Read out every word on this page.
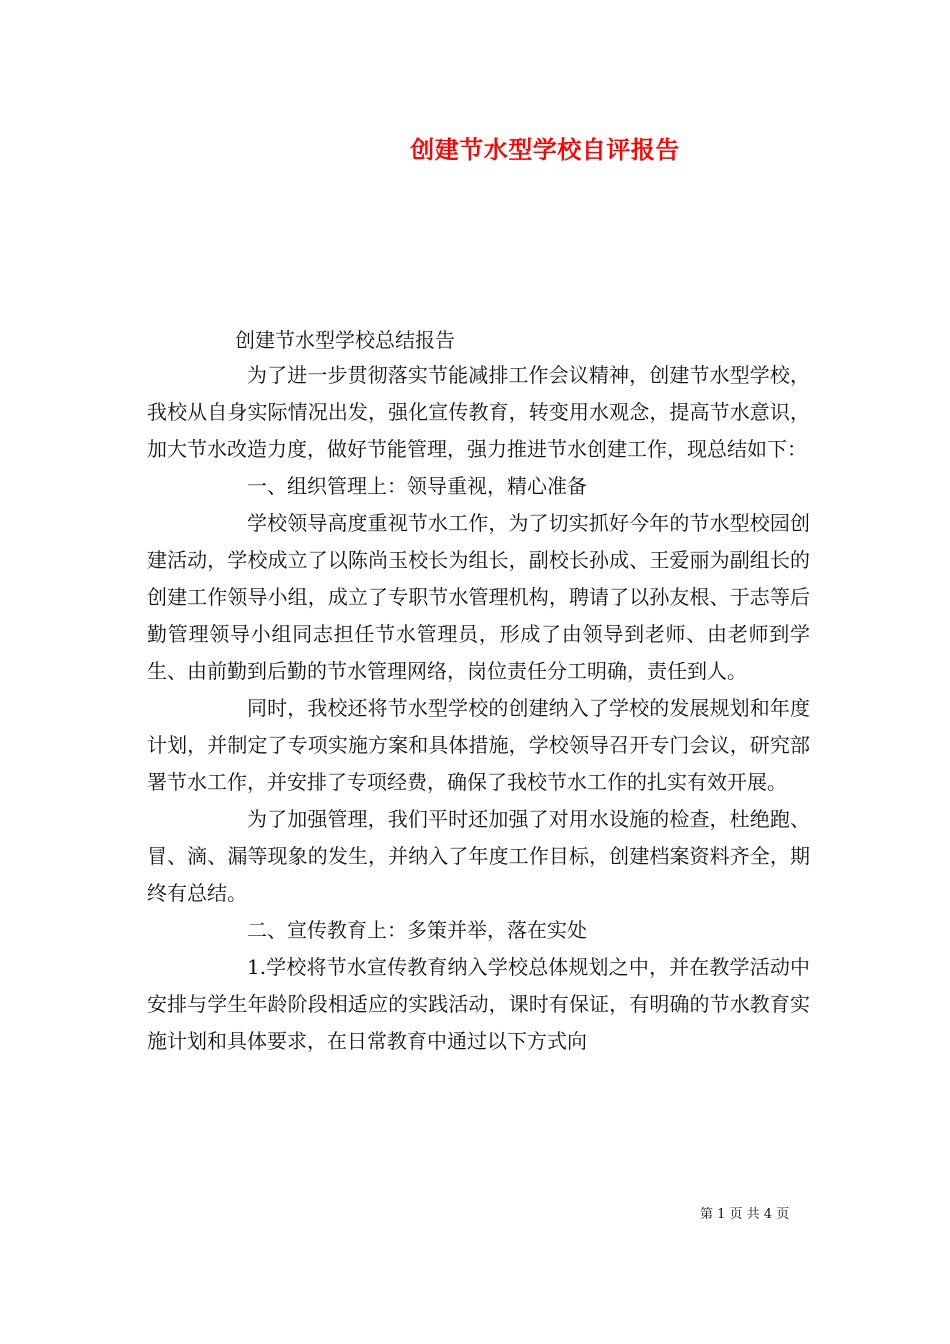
创建节水型学校自评报告

创建节水型学校总结报告

为了进一步贯彻落实节能减排工作会议精神，创建节水型学校，我校从自身实际情况出发，强化宣传教育，转变用水观念，提高节水意识，加大节水改造力度，做好节能管理，强力推进节水创建工作，现总结如下：

一、组织管理上：领导重视，精心准备

学校领导高度重视节水工作，为了切实抓好今年的节水型校园创建活动，学校成立了以陈尚玉校长为组长，副校长孙成、王爱丽为副组长的创建工作领导小组，成立了专职节水管理机构，聘请了以孙友根、于志等后勤管理领导小组同志担任节水管理员，形成了由领导到老师、由老师到学生、由前勤到后勤的节水管理网络，岗位责任分工明确，责任到人。

同时，我校还将节水型学校的创建纳入了学校的发展规划和年度计划，并制定了专项实施方案和具体措施，学校领导召开专门会议，研究部署节水工作，并安排了专项经费，确保了我校节水工作的扎实有效开展。

为了加强管理，我们平时还加强了对用水设施的检查，杜绝跑、冒、滴、漏等现象的发生，并纳入了年度工作目标，创建档案资料齐全，期终有总结。

二、宣传教育上：多策并举，落在实处

1.学校将节水宣传教育纳入学校总体规划之中，并在教学活动中安排与学生年龄阶段相适应的实践活动，课时有保证，有明确的节水教育实施计划和具体要求，在日常教育中通过以下方式向

第 1 页 共 4 页
